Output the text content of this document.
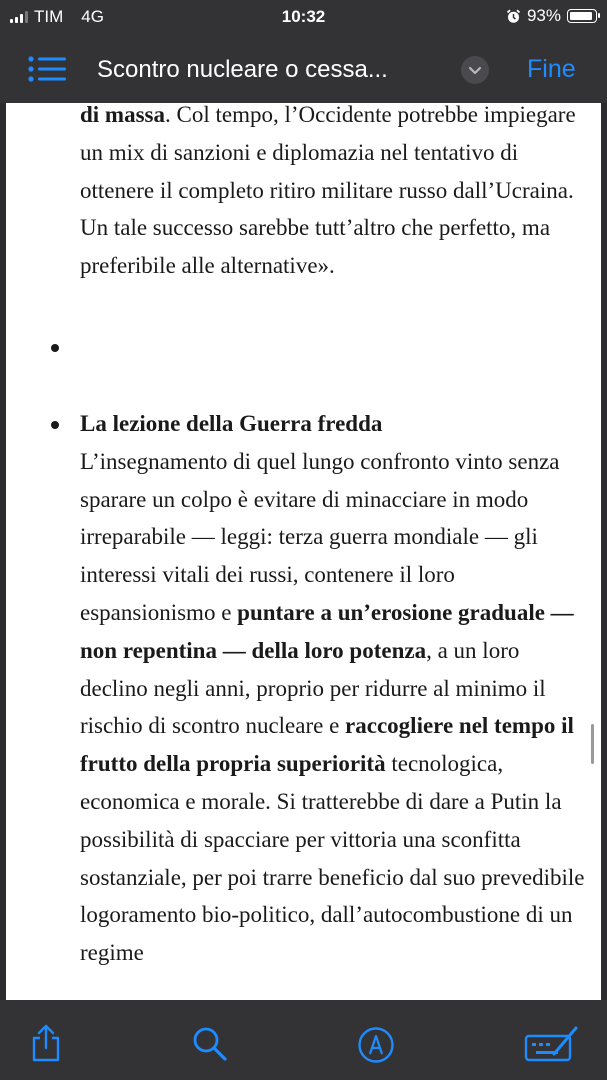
TIM 4G	10:32	93%
Scontro nucleare o cessa...	Fine
di massa. Col tempo, l’Occidente potrebbe impiegare un mix di sanzioni e diplomazia nel tentativo di ottenere il completo ritiro militare russo dall’Ucraina. Un tale successo sarebbe tutt’altro che perfetto, ma preferibile alle alternative».
La lezione della Guerra fredda
L’insegnamento di quel lungo confronto vinto senza sparare un colpo è evitare di minacciare in modo irreparabile — leggi: terza guerra mondiale — gli interessi vitali dei russi, contenere il loro espansionismo e puntare a un’erosione graduale — non repentina — della loro potenza, a un loro declino negli anni, proprio per ridurre al minimo il rischio di scontro nucleare e raccogliere nel tempo il frutto della propria superiorità tecnologica, economica e morale. Si tratterebbe di dare a Putin la possibilità di spacciare per vittoria una sconfitta sostanziale, per poi trarre beneficio dal suo prevedibile logoramento bio-politico, dall’autocombustione di un regime
